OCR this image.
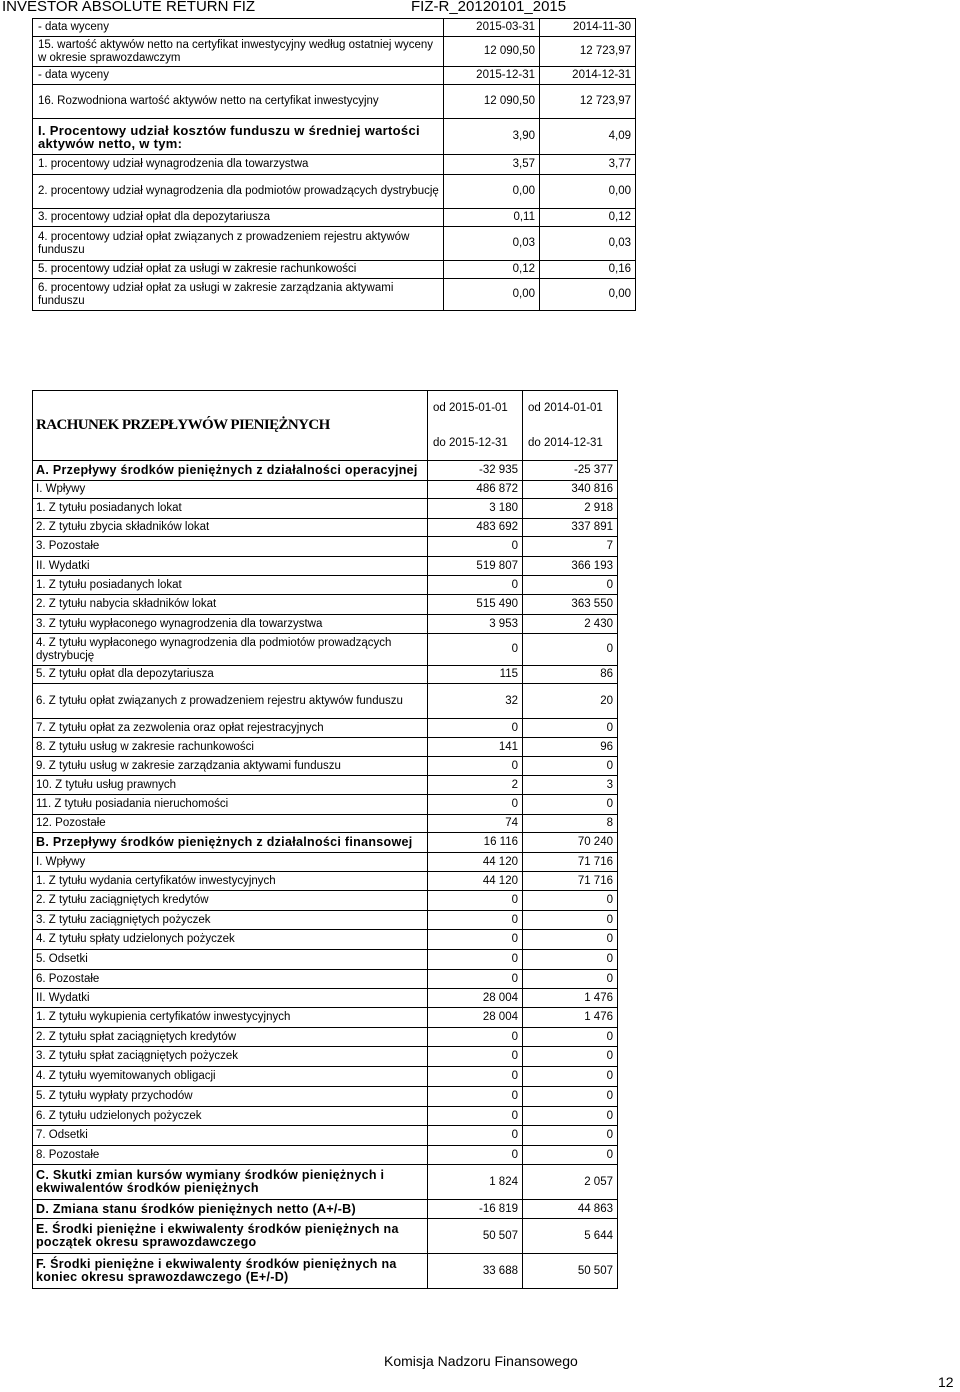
INVESTOR ABSOLUTE RETURN FIZ	FIZ-R_20120101_2015
- data wyceny	2015-03-31	2014-11-30
15. wartość aktywów netto na certyfikat inwestycyjny według ostatniej wyceny w okresie sprawozdawczym	12 090,50	12 723,97
- data wyceny	2015-12-31	2014-12-31
16. Rozwodniona wartość aktywów netto na certyfikat inwestycyjny	12 090,50	12 723,97
I. Procentowy udział kosztów funduszu w średniej wartości aktywów netto, w tym:	3,90	4,09
1. procentowy udział wynagrodzenia dla towarzystwa	3,57	3,77
2. procentowy udział wynagrodzenia dla podmiotów prowadzących dystrybucję	0,00	0,00
3. procentowy udział opłat dla depozytariusza	0,11	0,12
4. procentowy udział opłat związanych z prowadzeniem rejestru aktywów funduszu	0,03	0,03
5. procentowy udział opłat za usługi w zakresie rachunkowości	0,12	0,16
6. procentowy udział opłat za usługi w zakresie zarządzania aktywami funduszu	0,00	0,00
RACHUNEK PRZEPŁYWÓW PIENIĘŻNYCH	od 2015-01-01	od 2014-01-01
	do 2015-12-31	do 2014-12-31
A. Przepływy środków pieniężnych z działalności operacyjnej	-32 935	-25 377
I. Wpływy	486 872	340 816
1. Z tytułu posiadanych lokat	3 180	2 918
2. Z tytułu zbycia składników lokat	483 692	337 891
3. Pozostałe	0	7
II. Wydatki	519 807	366 193
1. Z tytułu posiadanych lokat	0	0
2. Z tytułu nabycia składników lokat	515 490	363 550
3. Z tytułu wypłaconego wynagrodzenia dla towarzystwa	3 953	2 430
4. Z tytułu wypłaconego wynagrodzenia dla podmiotów prowadzących dystrybucję	0	0
5. Z tytułu opłat dla depozytariusza	115	86
6. Z tytułu opłat związanych z prowadzeniem rejestru aktywów funduszu	32	20
7. Z tytułu opłat za zezwolenia oraz opłat rejestracyjnych	0	0
8. Z tytułu usług w zakresie rachunkowości	141	96
9. Z tytułu usług w zakresie zarządzania aktywami funduszu	0	0
10. Z tytułu usług prawnych	2	3
11. Z tytułu posiadania nieruchomości	0	0
12. Pozostałe	74	8
B. Przepływy środków pieniężnych z działalności finansowej	16 116	70 240
I. Wpływy	44 120	71 716
1. Z tytułu wydania certyfikatów inwestycyjnych	44 120	71 716
2. Z tytułu zaciągniętych kredytów	0	0
3. Z tytułu zaciągniętych pożyczek	0	0
4. Z tytułu spłaty udzielonych pożyczek	0	0
5. Odsetki	0	0
6. Pozostałe	0	0
II. Wydatki	28 004	1 476
1. Z tytułu wykupienia certyfikatów inwestycyjnych	28 004	1 476
2. Z tytułu spłat zaciągniętych kredytów	0	0
3. Z tytułu spłat zaciągniętych pożyczek	0	0
4. Z tytułu wyemitowanych obligacji	0	0
5. Z tytułu wypłaty przychodów	0	0
6. Z tytułu udzielonych pożyczek	0	0
7. Odsetki	0	0
8. Pozostałe	0	0
C. Skutki zmian kursów wymiany środków pieniężnych i ekwiwalentów środków pieniężnych	1 824	2 057
D. Zmiana stanu środków pieniężnych netto (A+/-B)	-16 819	44 863
E. Środki pieniężne i ekwiwalenty środków pieniężnych na początek okresu sprawozdawczego	50 507	5 644
F. Środki pieniężne i ekwiwalenty środków pieniężnych na koniec okresu sprawozdawczego (E+/-D)	33 688	50 507
Komisja Nadzoru Finansowego
12
